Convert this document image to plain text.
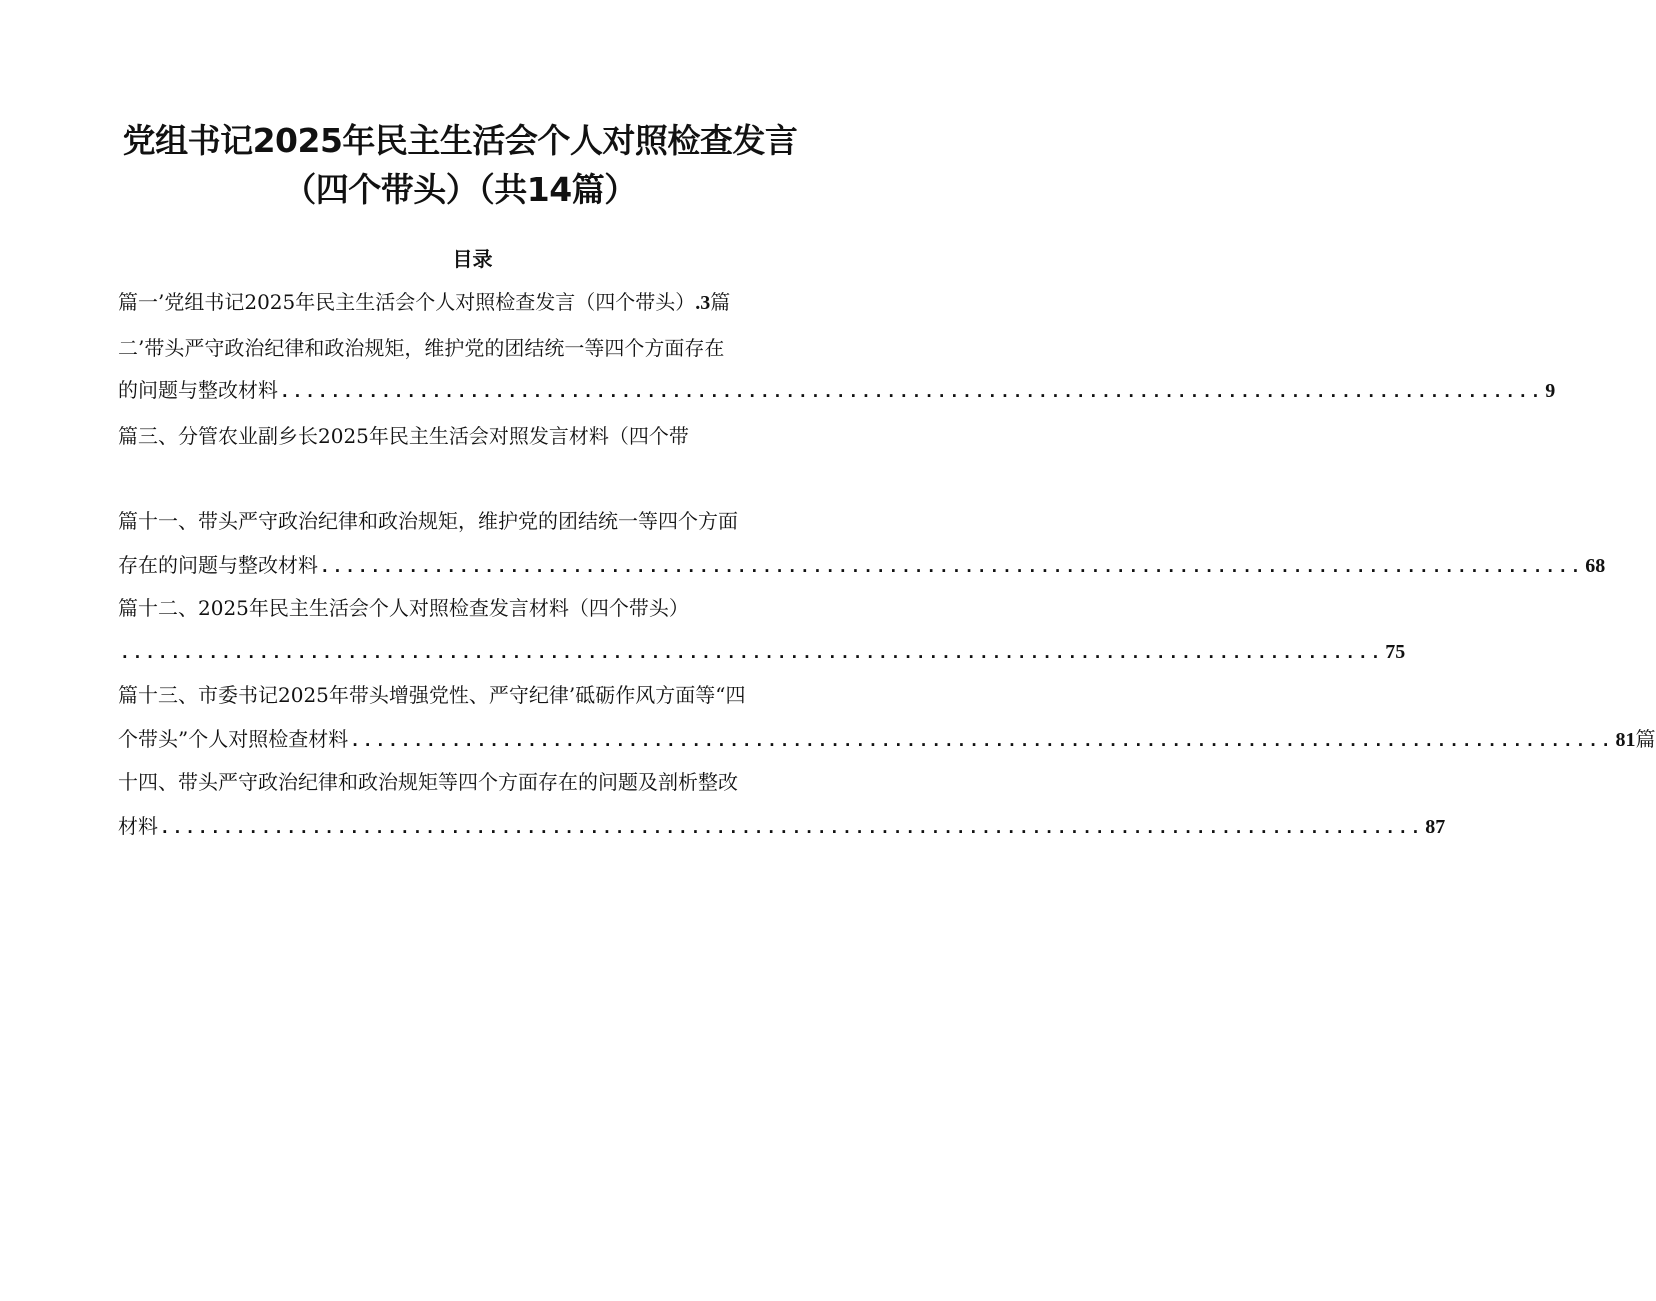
党组书记2025年民主生活会个人对照检查发言
（四个带头）（共14篇）
目录
篇一’党组书记2025年民主生活会个人对照检查发言（四个带头） .3 篇
二’带头严守政治纪律和政治规矩，维护党的团结统一等四个方面存在
的问题与整改材料 .................................................................................................... 9
篇三、分管农业副乡长2025年民主生活会对照发言材料（四个带
篇十一、带头严守政治纪律和政治规矩，维护党的团结统一等四个方面
存在的问题与整改材料 .................................................................................................... 68
篇十二、2025年民主生活会个人对照检查发言材料（四个带头）
.................................................................................................... 75
篇十三、市委书记2025年带头增强党性、严守纪律’砥砺作风方面等“四
个带头”个人对照检查材料 .................................................................................................... 81 篇
十四、带头严守政治纪律和政治规矩等四个方面存在的问题及剖析整改
材料 .................................................................................................... 87
